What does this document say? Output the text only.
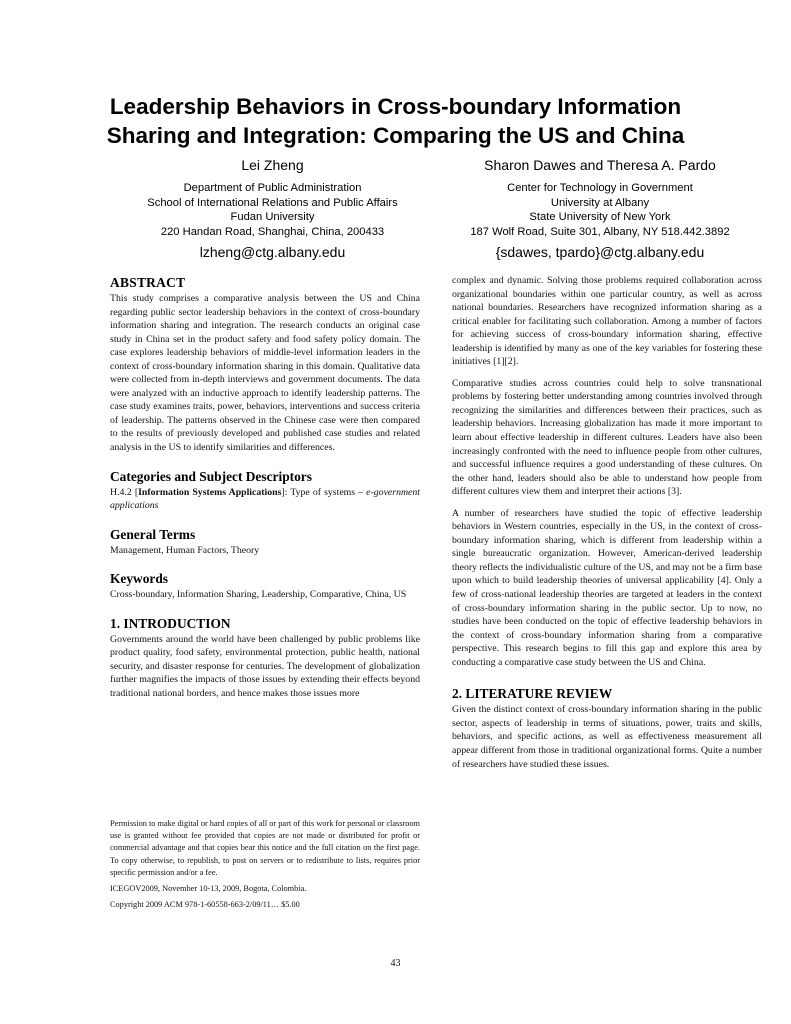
Leadership Behaviors in Cross-boundary Information
Sharing and Integration: Comparing the US and China
Lei Zheng
Department of Public Administration
School of International Relations and Public Affairs
Fudan University
220 Handan Road, Shanghai, China, 200433
lzheng@ctg.albany.edu
Sharon Dawes and Theresa A. Pardo
Center for Technology in Government
University at Albany
State University of New York
187 Wolf Road, Suite 301, Albany, NY 518.442.3892
{sdawes, tpardo}@ctg.albany.edu
ABSTRACT

This study comprises a comparative analysis between the US and China regarding public sector leadership behaviors in the context of cross-boundary information sharing and integration. The research conducts an original case study in China set in the product safety and food safety policy domain. The case explores leadership behaviors of middle-level information leaders in the context of cross-boundary information sharing in this domain. Qualitative data were collected from in-depth interviews and government documents. The data were analyzed with an inductive approach to identify leadership patterns. The case study examines traits, power, behaviors, interventions and success criteria of leadership. The patterns observed in the Chinese case were then compared to the results of previously developed and published case studies and related analysis in the US to identify similarities and differences.

Categories and Subject Descriptors

H.4.2 [Information Systems Applications]: Type of systems – e-government applications

General Terms

Management, Human Factors, Theory

Keywords

Cross-boundary, Information Sharing, Leadership, Comparative, China, US

1. INTRODUCTION

Governments around the world have been challenged by public problems like product quality, food safety, environmental protection, public health, national security, and disaster response for centuries. The development of globalization further magnifies the impacts of those issues by extending their effects beyond traditional national borders, and hence makes those issues more

Permission to make digital or hard copies of all or part of this work for personal or classroom use is granted without fee provided that copies are not made or distributed for profit or commercial advantage and that copies bear this notice and the full citation on the first page. To copy otherwise, to republish, to post on servers or to redistribute to lists, requires prior specific permission and/or a fee.

ICEGOV2009, November 10-13, 2009, Bogota, Colombia.

Copyright 2009 ACM 978-1-60558-663-2/09/11… $5.00

complex and dynamic. Solving those problems required collaboration across organizational boundaries within one particular country, as well as across national boundaries. Researchers have recognized information sharing as a critical enabler for facilitating such collaboration. Among a number of factors for achieving success of cross-boundary information sharing, effective leadership is identified by many as one of the key variables for fostering these initiatives [1][2].

Comparative studies across countries could help to solve transnational problems by fostering better understanding among countries involved through recognizing the similarities and differences between their practices, such as leadership behaviors. Increasing globalization has made it more important to learn about effective leadership in different cultures. Leaders have also been increasingly confronted with the need to influence people from other cultures, and successful influence requires a good understanding of these cultures. On the other hand, leaders should also be able to understand how people from different cultures view them and interpret their actions [3].

A number of researchers have studied the topic of effective leadership behaviors in Western countries, especially in the US, in the context of cross-boundary information sharing, which is different from leadership within a single bureaucratic organization. However, American-derived leadership theory reflects the individualistic culture of the US, and may not be a firm base upon which to build leadership theories of universal applicability [4]. Only a few of cross-national leadership theories are targeted at leaders in the context of cross-boundary information sharing in the public sector. Up to now, no studies have been conducted on the topic of effective leadership behaviors in the context of cross-boundary information sharing from a comparative perspective. This research begins to fill this gap and explore this area by conducting a comparative case study between the US and China.

2. LITERATURE REVIEW

Given the distinct context of cross-boundary information sharing in the public sector, aspects of leadership in terms of situations, power, traits and skills, behaviors, and specific actions, as well as effectiveness measurement all appear different from those in traditional organizational forms. Quite a number of researchers have studied these issues.

43
